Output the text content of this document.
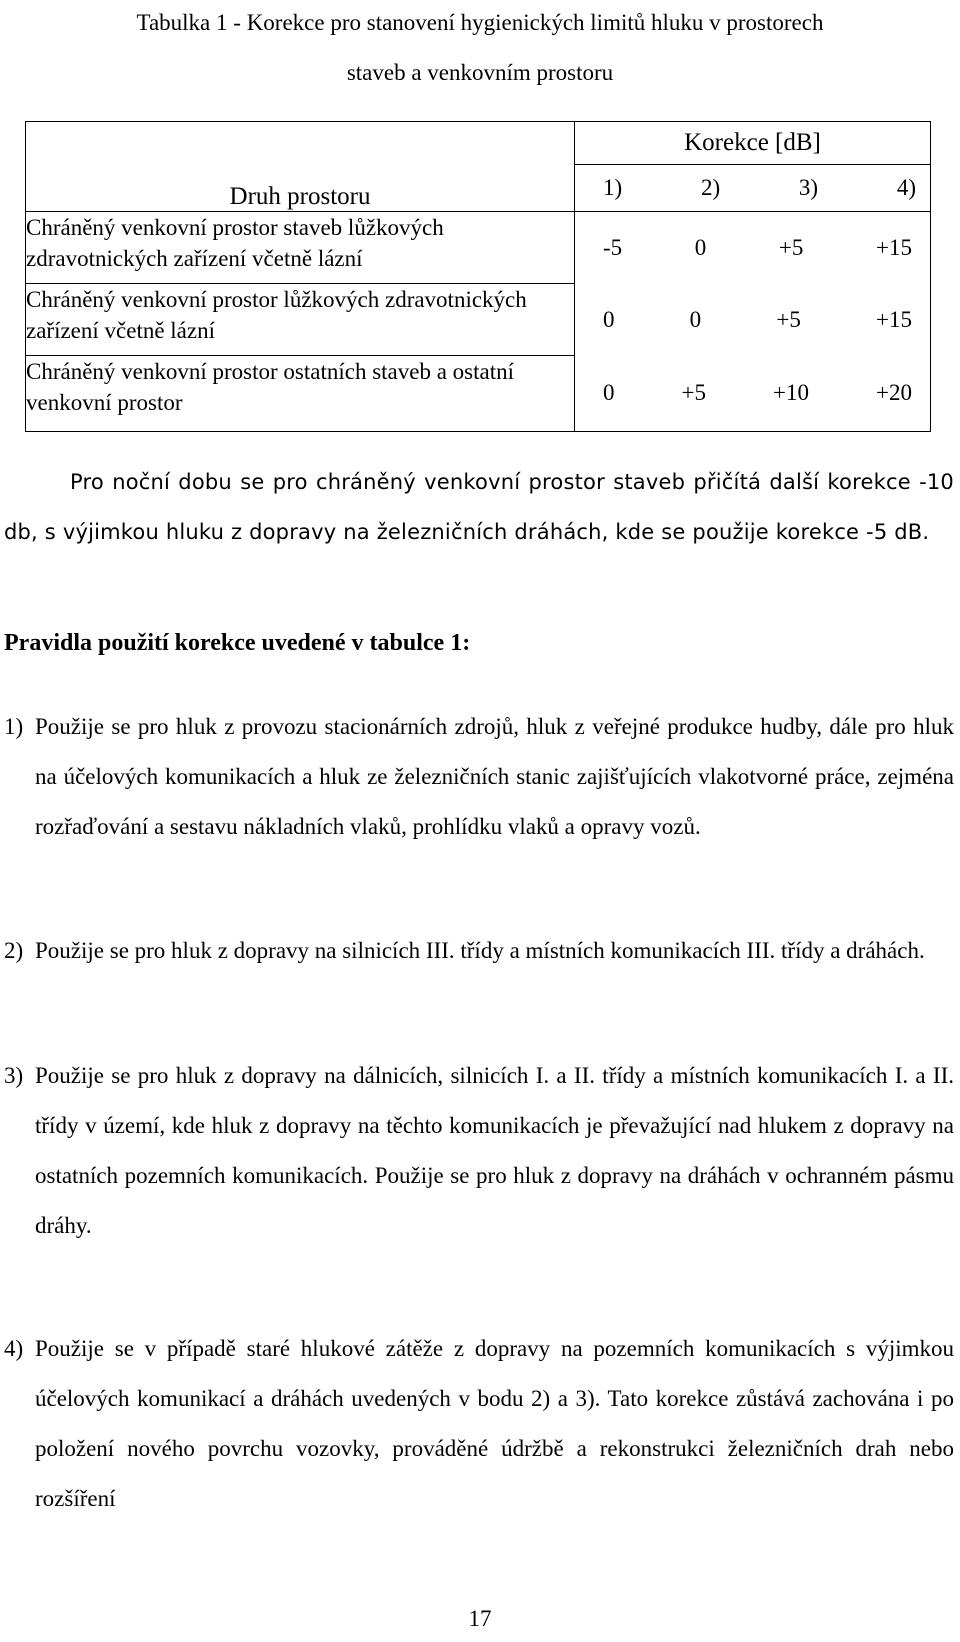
Tabulka 1 - Korekce pro stanovení hygienických limitů hluku v prostorech
staveb a venkovním prostoru
Druh prostoru	Korekce [dB]

	1) 2) 3) 4)

Chráněný venkovní prostor staveb lůžkových zdravotnických zařízení včetně lázní	-5 0 +5 +15

Chráněný venkovní prostor lůžkových zdravotnických zařízení včetně lázní	0 0 +5 +15

Chráněný venkovní prostor ostatních staveb a ostatní venkovní prostor	0 +5 +10 +20
Pro noční dobu se pro chráněný venkovní prostor staveb přičítá další korekce -10 db, s výjimkou hluku z dopravy na železničních dráhách, kde se použije korekce -5 dB.
Pravidla použití korekce uvedené v tabulce 1:
1) Použije se pro hluk z provozu stacionárních zdrojů, hluk z veřejné produkce hudby, dále pro hluk na účelových komunikacích a hluk ze železničních stanic zajišťujících vlakotvorné práce, zejména rozřaďování a sestavu nákladních vlaků, prohlídku vlaků a opravy vozů.
2) Použije se pro hluk z dopravy na silnicích III. třídy a místních komunikacích III. třídy a dráhách.
3) Použije se pro hluk z dopravy na dálnicích, silnicích I. a II. třídy a místních komunikacích I. a II. třídy v území, kde hluk z dopravy na těchto komunikacích je převažující nad hlukem z dopravy na ostatních pozemních komunikacích. Použije se pro hluk z dopravy na dráhách v ochranném pásmu dráhy.
4) Použije se v případě staré hlukové zátěže z dopravy na pozemních komunikacích s výjimkou účelových komunikací a dráhách uvedených v bodu 2) a 3). Tato korekce zůstává zachována i po položení nového povrchu vozovky, prováděné údržbě a rekonstrukci železničních drah nebo rozšíření
17
